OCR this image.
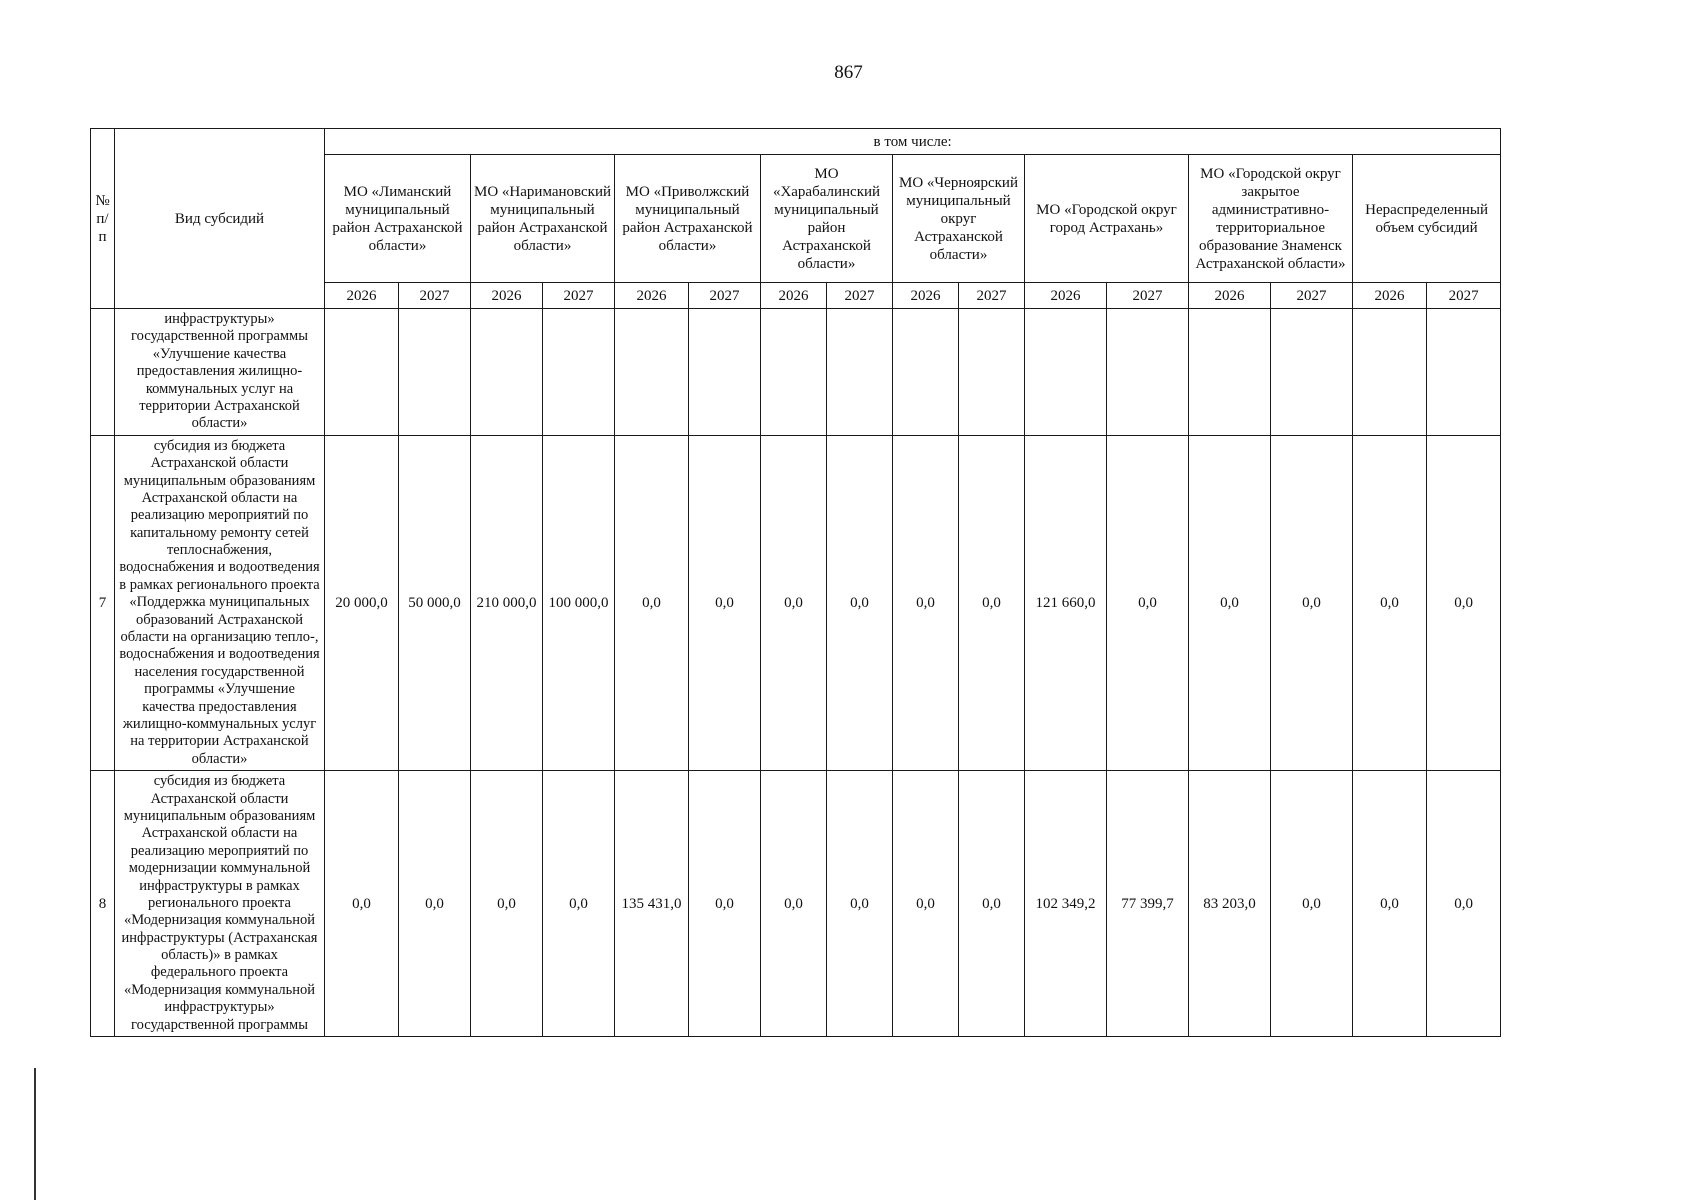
867
№ п/п	Вид субсидий	в том числе:															
		МО «Лиманский муниципальный район Астраханской области»		МО «Наримановский муниципальный район Астраханской области»		МО «Приволжский муниципальный район Астраханской области»		МО «Харабалинский муниципальный район Астраханской области»		МО «Черноярский муниципальный округ Астраханской области»		МО «Городской округ город Астрахань»		МО «Городской округ закрытое административно-территориальное образование Знаменск Астраханской области»		Нераспределенный объем субсидий	
		2026	2027	2026	2027	2026	2027	2026	2027	2026	2027	2026	2027	2026	2027	2026	2027
	инфраструктуры» государственной программы «Улучшение качества предоставления жилищно-коммунальных услуг на территории Астраханской области»																
7	субсидия из бюджета Астраханской области муниципальным образованиям Астраханской области на реализацию мероприятий по капитальному ремонту сетей теплоснабжения, водоснабжения и водоотведения в рамках регионального проекта «Поддержка муниципальных образований Астраханской области на организацию тепло-, водоснабжения и водоотведения населения государственной программы «Улучшение качества предоставления жилищно-коммунальных услуг на территории Астраханской области»	20 000,0	50 000,0	210 000,0	100 000,0	0,0	0,0	0,0	0,0	0,0	0,0	121 660,0	0,0	0,0	0,0	0,0	0,0
8	субсидия из бюджета Астраханской области муниципальным образованиям Астраханской области на реализацию мероприятий по модернизации коммунальной инфраструктуры в рамках регионального проекта «Модернизация коммунальной инфраструктуры (Астраханская область)» в рамках федерального проекта «Модернизация коммунальной инфраструктуры» государственной программы	0,0	0,0	0,0	0,0	135 431,0	0,0	0,0	0,0	0,0	0,0	102 349,2	77 399,7	83 203,0	0,0	0,0	0,0
